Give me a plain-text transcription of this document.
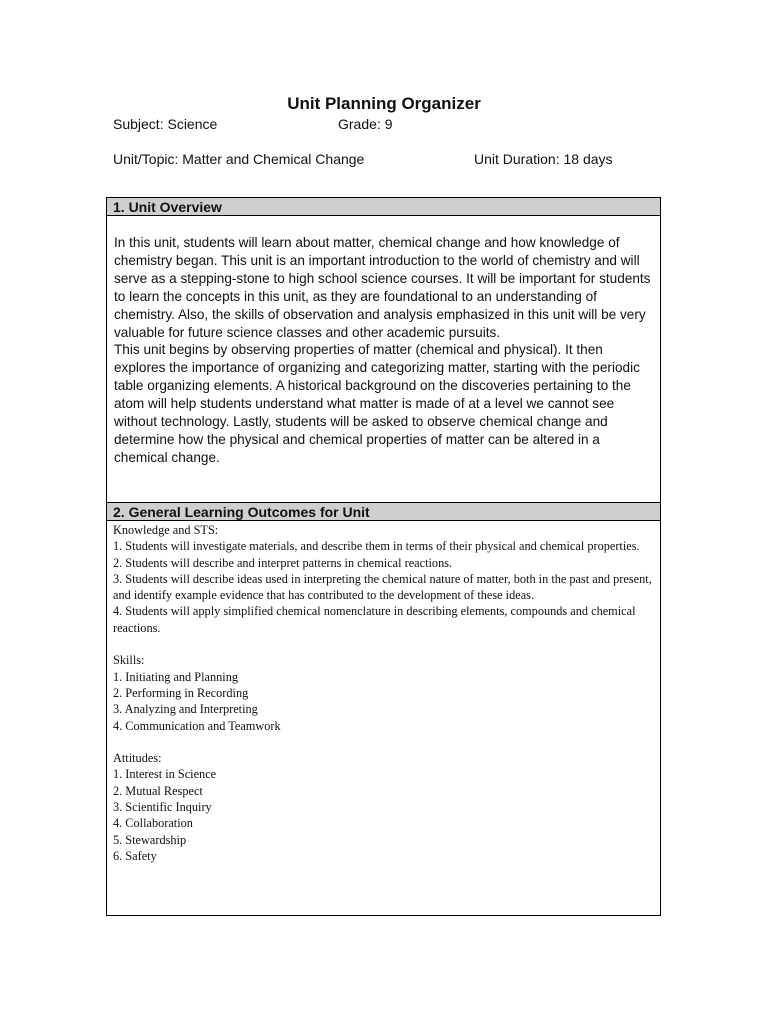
Unit Planning Organizer
Subject: Science	Grade: 9
Unit/Topic: Matter and Chemical Change	Unit Duration: 18 days
1. Unit Overview

In this unit, students will learn about matter, chemical change and how knowledge of chemistry began. This unit is an important introduction to the world of chemistry and will serve as a stepping-stone to high school science courses. It will be important for students to learn the concepts in this unit, as they are foundational to an understanding of chemistry. Also, the skills of observation and analysis emphasized in this unit will be very valuable for future science classes and other academic pursuits.

This unit begins by observing properties of matter (chemical and physical). It then explores the importance of organizing and categorizing matter, starting with the periodic table organizing elements. A historical background on the discoveries pertaining to the atom will help students understand what matter is made of at a level we cannot see without technology. Lastly, students will be asked to observe chemical change and determine how the physical and chemical properties of matter can be altered in a chemical change.

2. General Learning Outcomes for Unit
Knowledge and STS:
1. Students will investigate materials, and describe them in terms of their physical and chemical properties.
2. Students will describe and interpret patterns in chemical reactions.
3. Students will describe ideas used in interpreting the chemical nature of matter, both in the past and present, and identify example evidence that has contributed to the development of these ideas.
4. Students will apply simplified chemical nomenclature in describing elements, compounds and chemical reactions.
Skills:
1. Initiating and Planning
2. Performing in Recording
3. Analyzing and Interpreting
4. Communication and Teamwork
Attitudes:
1. Interest in Science
2. Mutual Respect
3. Scientific Inquiry
4. Collaboration
5. Stewardship
6. Safety
